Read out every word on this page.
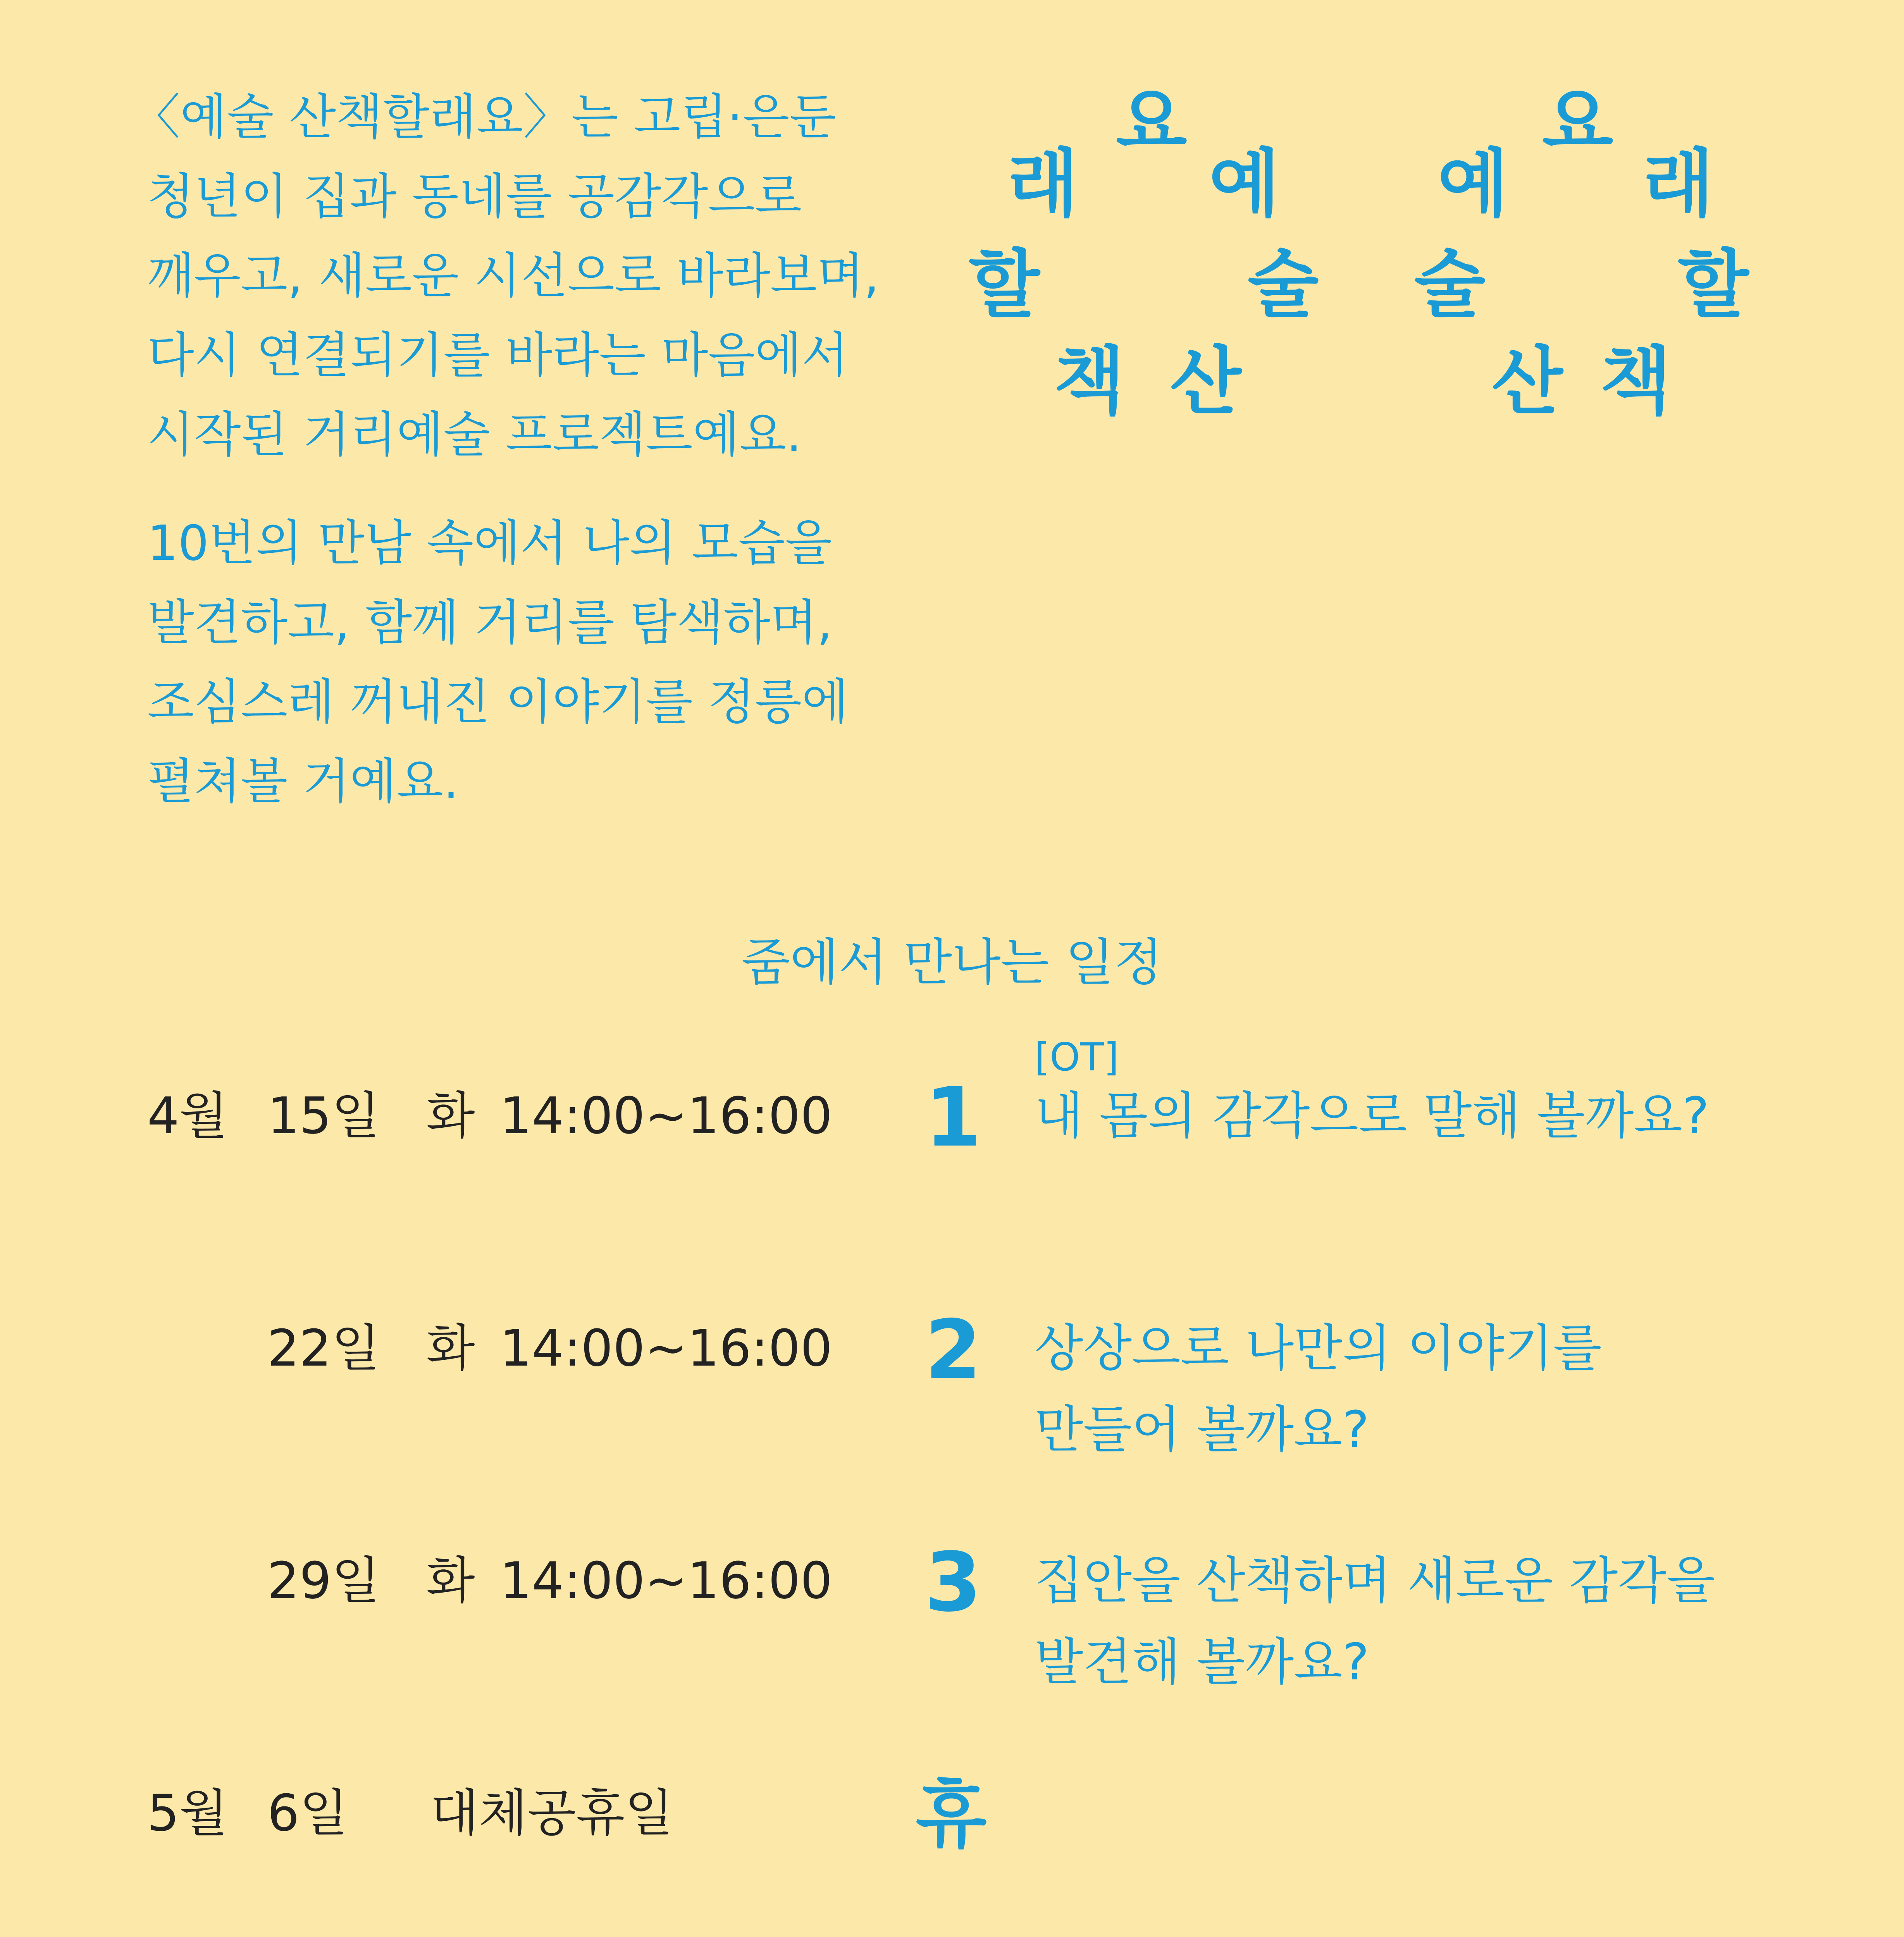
〈예술 산책할래요〉는 고립·은둔
청년이 집과 동네를 공감각으로
깨우고, 새로운 시선으로 바라보며,
다시 연결되기를 바라는 마음에서
시작된 거리예술 프로젝트예요.
10번의 만남 속에서 나의 모습을
발견하고, 함께 거리를 탐색하며,
조심스레 꺼내진 이야기를 정릉에
펼쳐볼 거예요.
요
예
술
산
책
할
래
요
래
할
책
산
술
예
줌에서 만나는 일정
4월 15일 화 14:00~16:00 1
[OT]
내 몸의 감각으로 말해 볼까요?
22일 화 14:00~16:00 2 상상으로 나만의 이야기를
만들어 볼까요?
29일 화 14:00~16:00 3 집안을 산책하며 새로운 감각을
발견해 볼까요?
5월 6일 대체공휴일	휴
